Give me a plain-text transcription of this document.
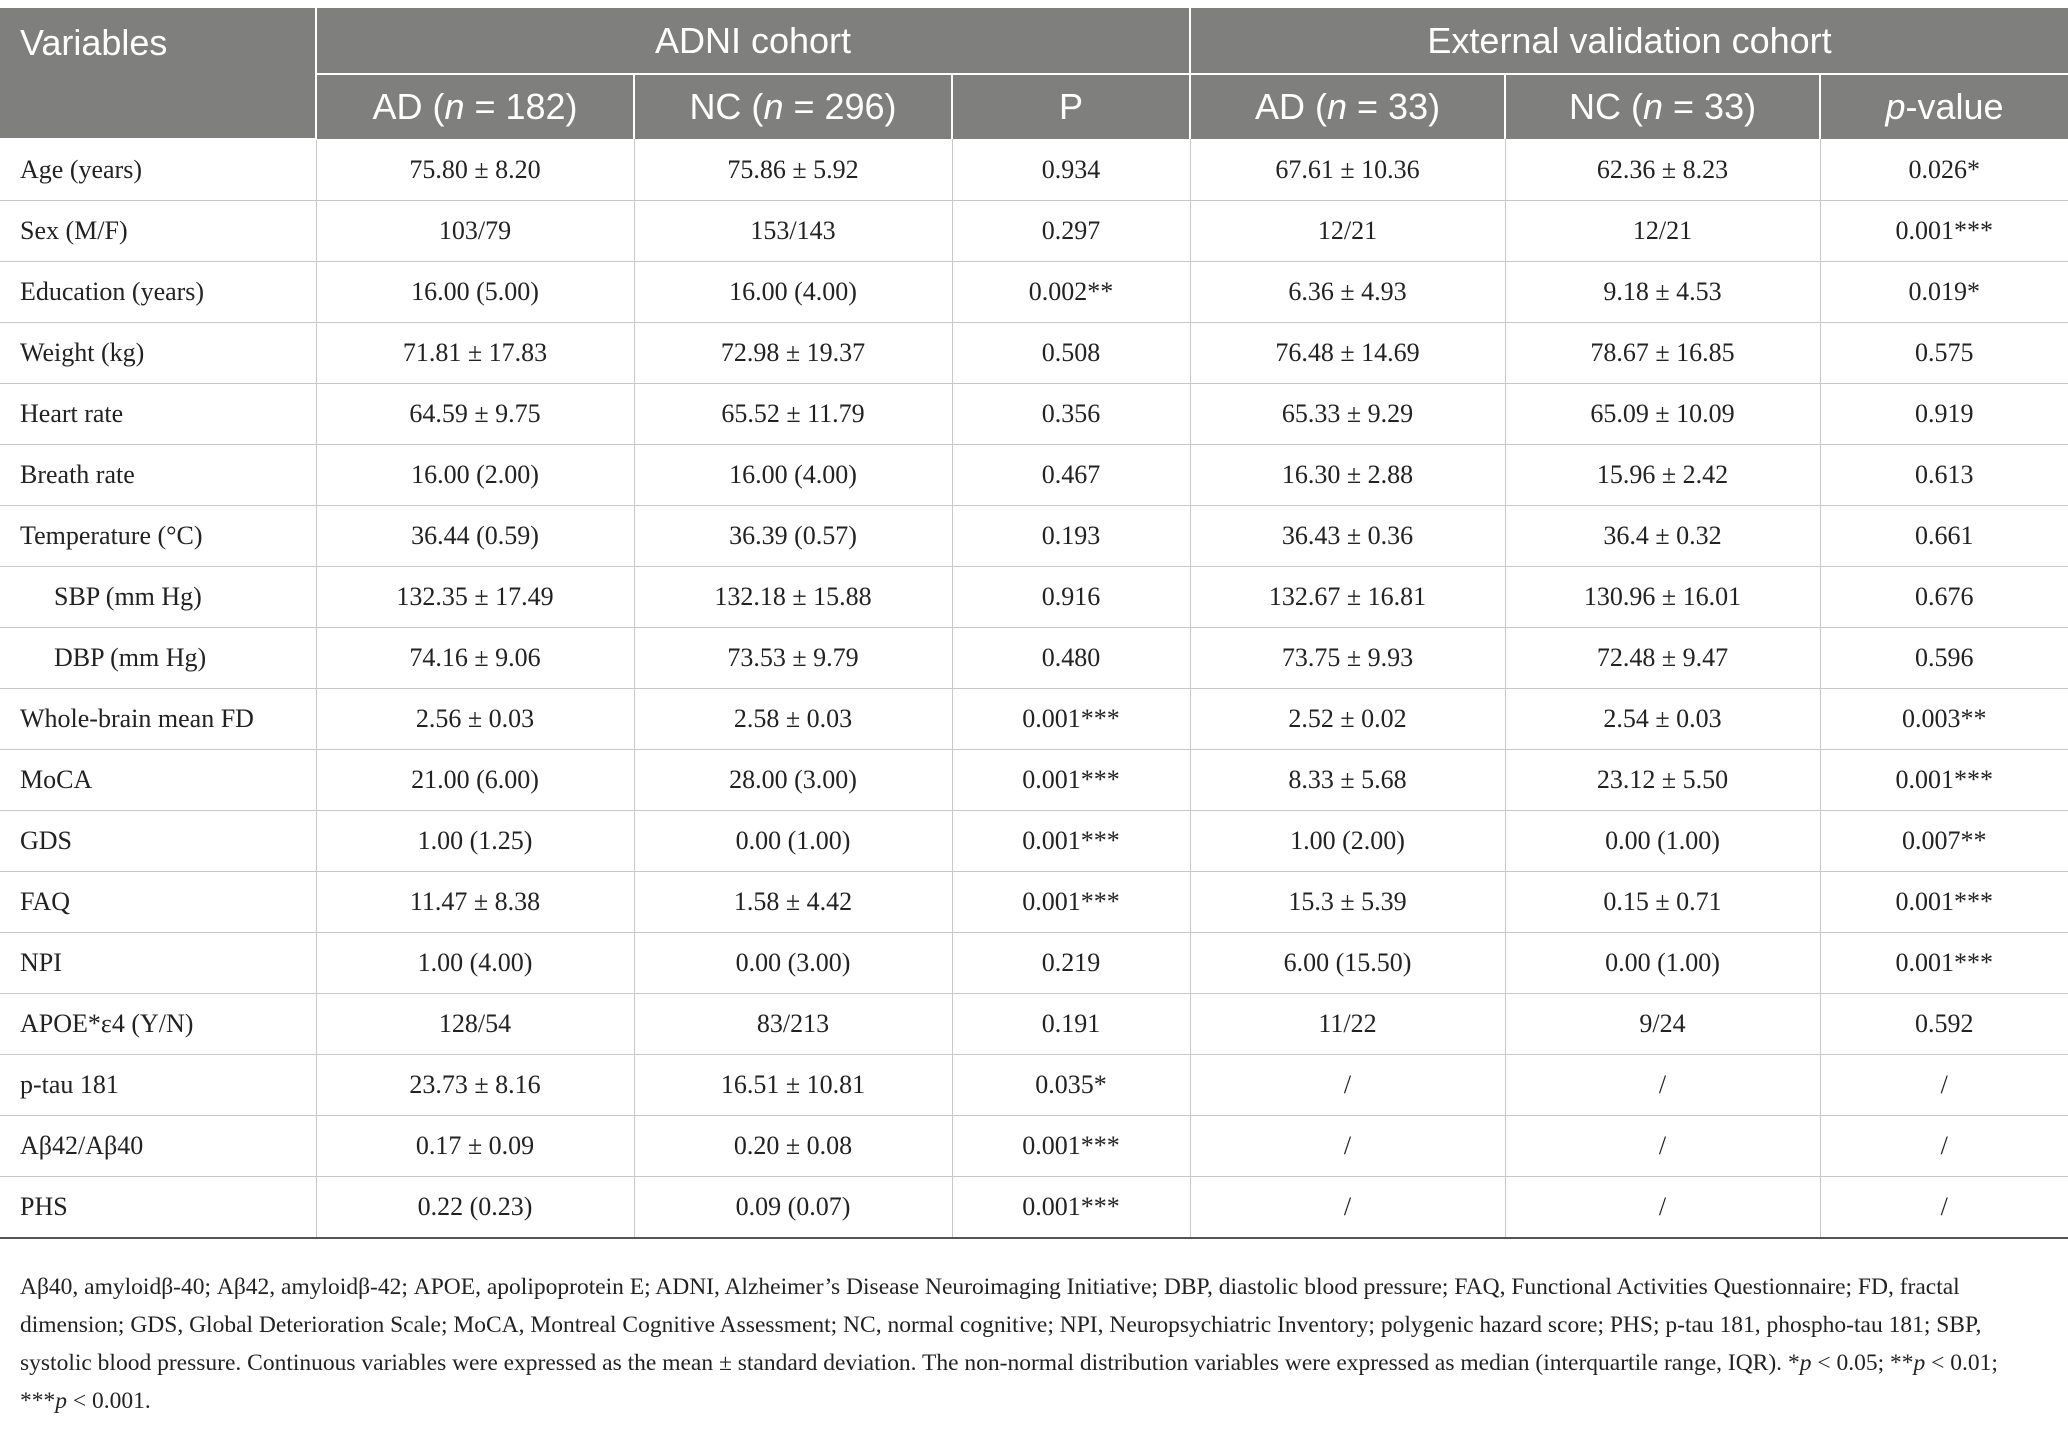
Variables	ADNI cohort			External validation cohort		
	AD (n = 182)	NC (n = 296)	P	AD (n = 33)	NC (n = 33)	p-value
Age (years)	75.80 ± 8.20	75.86 ± 5.92	0.934	67.61 ± 10.36	62.36 ± 8.23	0.026*
Sex (M/F)	103/79	153/143	0.297	12/21	12/21	0.001***
Education (years)	16.00 (5.00)	16.00 (4.00)	0.002**	6.36 ± 4.93	9.18 ± 4.53	0.019*
Weight (kg)	71.81 ± 17.83	72.98 ± 19.37	0.508	76.48 ± 14.69	78.67 ± 16.85	0.575
Heart rate	64.59 ± 9.75	65.52 ± 11.79	0.356	65.33 ± 9.29	65.09 ± 10.09	0.919
Breath rate	16.00 (2.00)	16.00 (4.00)	0.467	16.30 ± 2.88	15.96 ± 2.42	0.613
Temperature (°C)	36.44 (0.59)	36.39 (0.57)	0.193	36.43 ± 0.36	36.4 ± 0.32	0.661
SBP (mm Hg)	132.35 ± 17.49	132.18 ± 15.88	0.916	132.67 ± 16.81	130.96 ± 16.01	0.676
DBP (mm Hg)	74.16 ± 9.06	73.53 ± 9.79	0.480	73.75 ± 9.93	72.48 ± 9.47	0.596
Whole-brain mean FD	2.56 ± 0.03	2.58 ± 0.03	0.001***	2.52 ± 0.02	2.54 ± 0.03	0.003**
MoCA	21.00 (6.00)	28.00 (3.00)	0.001***	8.33 ± 5.68	23.12 ± 5.50	0.001***
GDS	1.00 (1.25)	0.00 (1.00)	0.001***	1.00 (2.00)	0.00 (1.00)	0.007**
FAQ	11.47 ± 8.38	1.58 ± 4.42	0.001***	15.3 ± 5.39	0.15 ± 0.71	0.001***
NPI	1.00 (4.00)	0.00 (3.00)	0.219	6.00 (15.50)	0.00 (1.00)	0.001***
APOE*ε4 (Y/N)	128/54	83/213	0.191	11/22	9/24	0.592
p-tau 181	23.73 ± 8.16	16.51 ± 10.81	0.035*	/	/	/
Aβ42/Aβ40	0.17 ± 0.09	0.20 ± 0.08	0.001***	/	/	/
PHS	0.22 (0.23)	0.09 (0.07)	0.001***	/	/	/

Aβ40, amyloidβ-40; Aβ42, amyloidβ-42; APOE, apolipoprotein E; ADNI, Alzheimer’s Disease Neuroimaging Initiative; DBP, diastolic blood pressure; FAQ, Functional Activities Questionnaire; FD, fractal dimension; GDS, Global Deterioration Scale; MoCA, Montreal Cognitive Assessment; NC, normal cognitive; NPI, Neuropsychiatric Inventory; polygenic hazard score; PHS; p-tau 181, phospho-tau 181; SBP, systolic blood pressure. Continuous variables were expressed as the mean ± standard deviation. The non-normal distribution variables were expressed as median (interquartile range, IQR). *p < 0.05; **p < 0.01; ***p < 0.001.
